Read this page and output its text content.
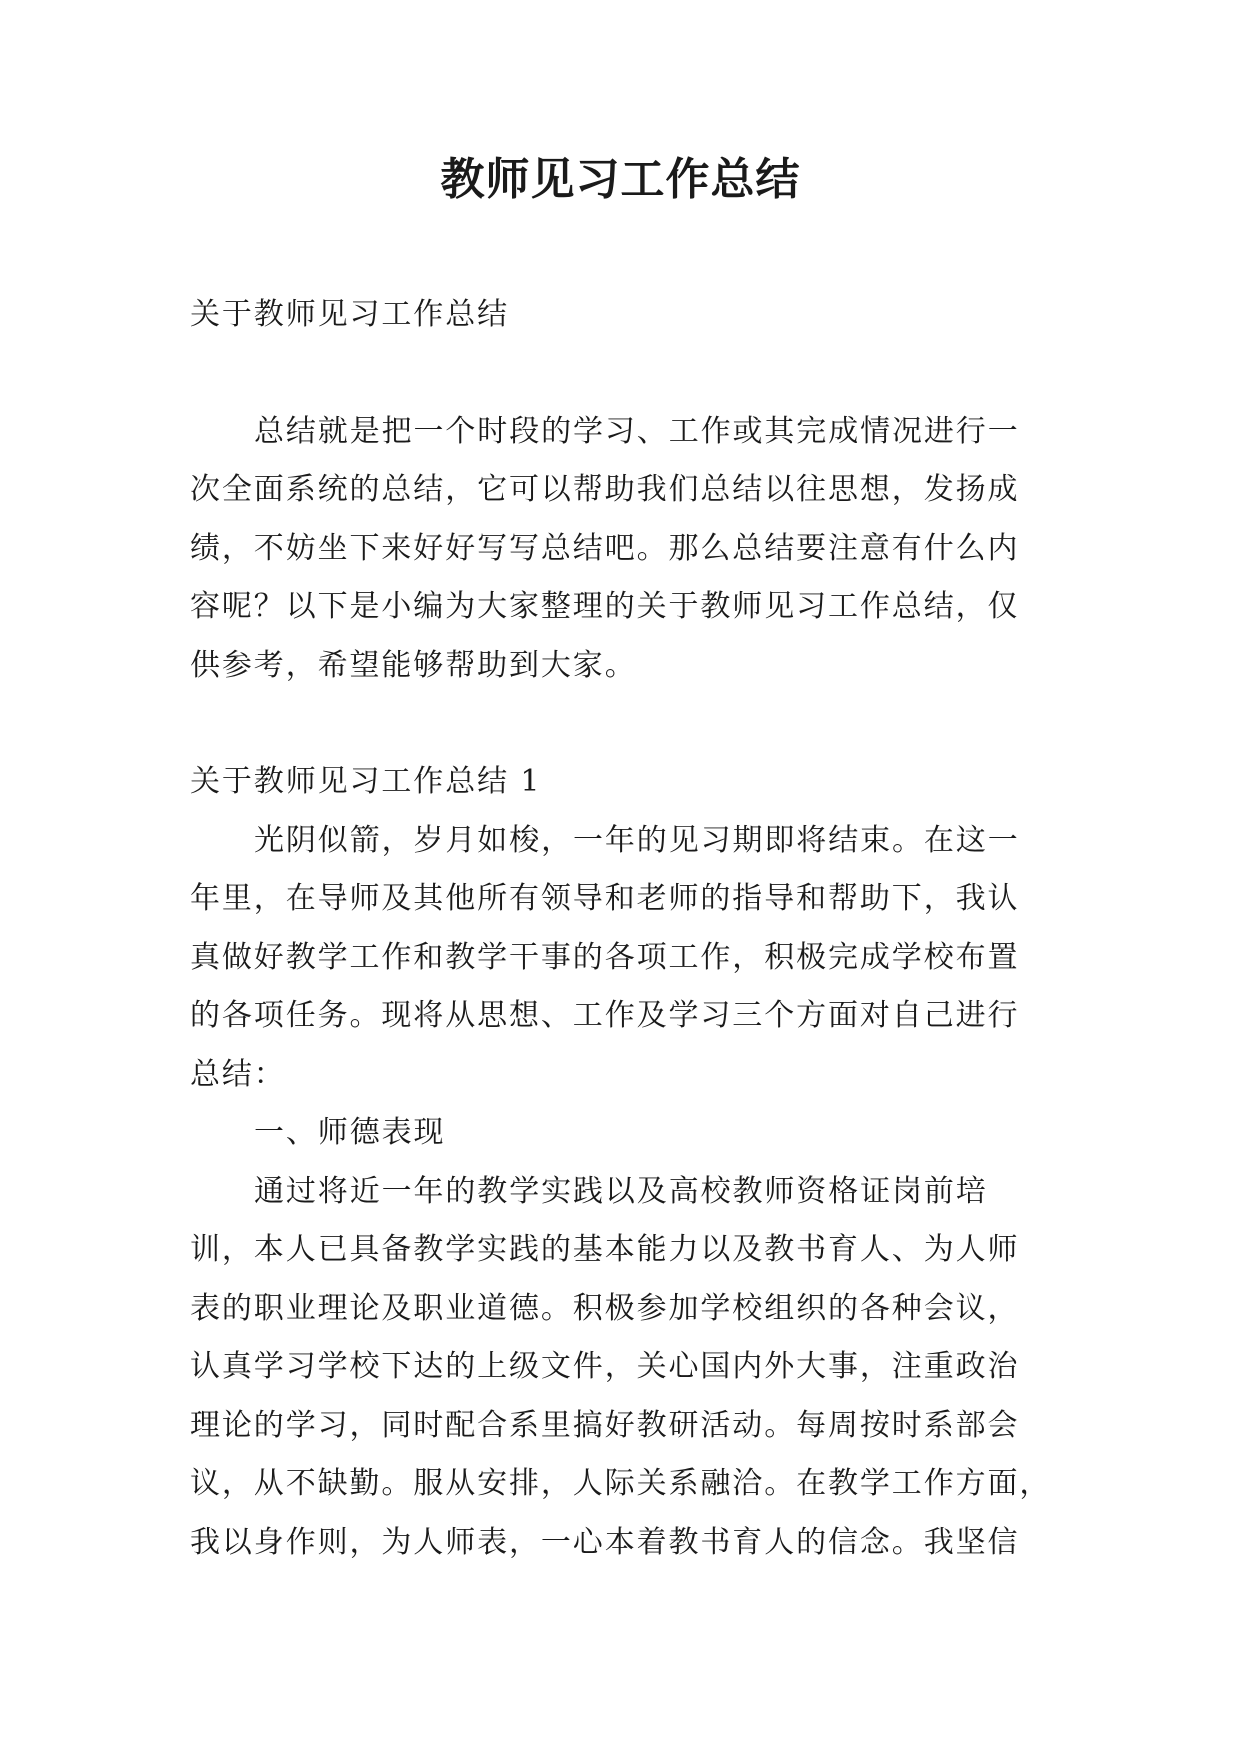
教师见习工作总结
关于教师见习工作总结
总结就是把一个时段的学习、工作或其完成情况进行一
次全面系统的总结，它可以帮助我们总结以往思想，发扬成
绩，不妨坐下来好好写写总结吧。那么总结要注意有什么内
容呢？以下是小编为大家整理的关于教师见习工作总结，仅
供参考，希望能够帮助到大家。
关于教师见习工作总结 1
光阴似箭，岁月如梭，一年的见习期即将结束。在这一
年里，在导师及其他所有领导和老师的指导和帮助下，我认
真做好教学工作和教学干事的各项工作，积极完成学校布置
的各项任务。现将从思想、工作及学习三个方面对自己进行
总结：
一、师德表现
通过将近一年的教学实践以及高校教师资格证岗前培
训，本人已具备教学实践的基本能力以及教书育人、为人师
表的职业理论及职业道德。积极参加学校组织的各种会议，
认真学习学校下达的上级文件，关心国内外大事，注重政治
理论的学习，同时配合系里搞好教研活动。每周按时系部会
议，从不缺勤。服从安排，人际关系融洽。在教学工作方面，
我以身作则，为人师表，一心本着教书育人的信念。我坚信
